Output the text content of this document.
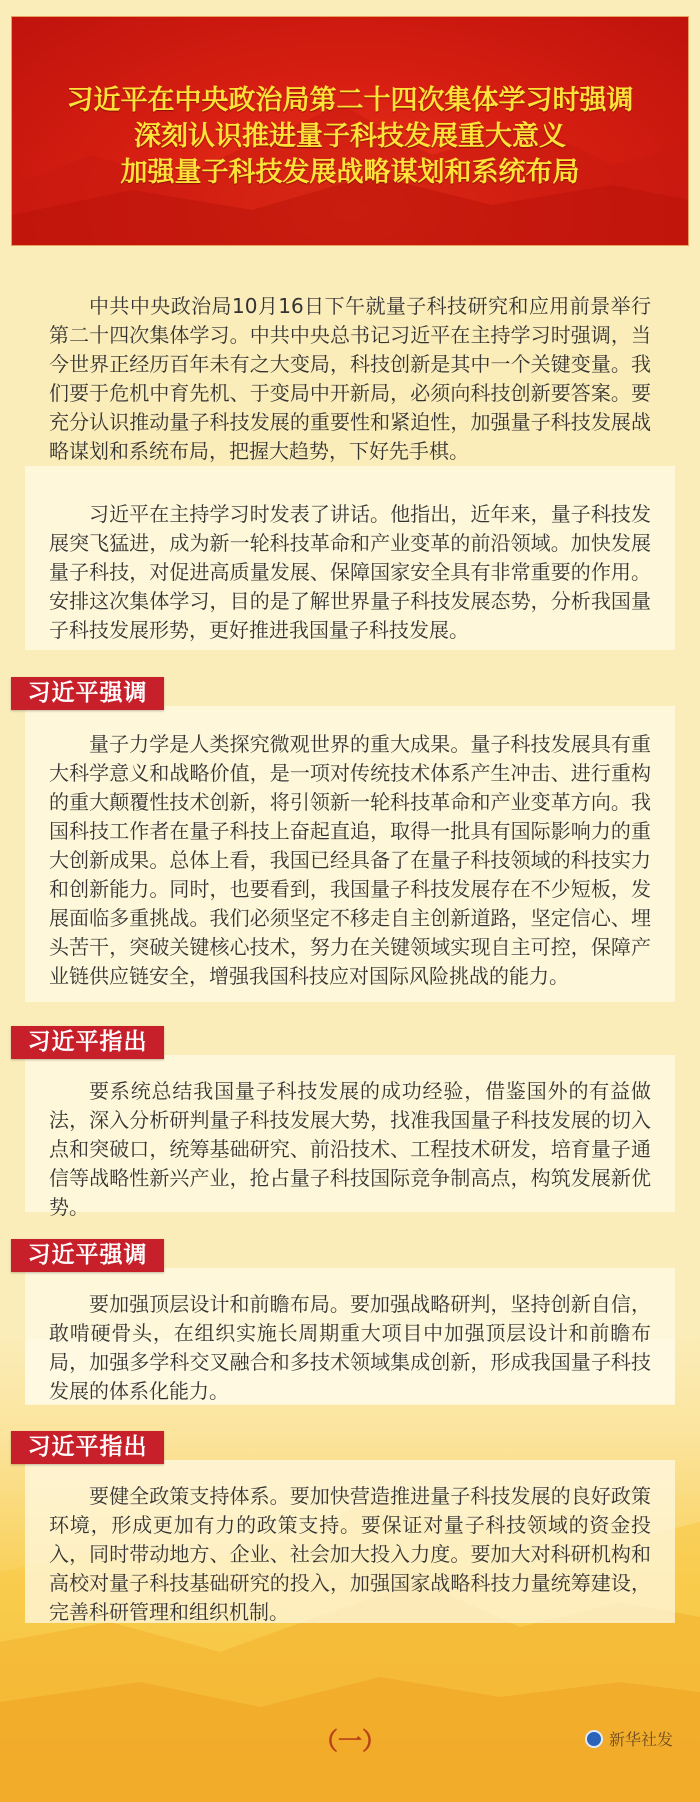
习近平在中央政治局第二十四次集体学习时强调
深刻认识推进量子科技发展重大意义
加强量子科技发展战略谋划和系统布局

中共中央政治局10月16日下午就量子科技研究和应用前景举行第二十四次集体学习。中共中央总书记习近平在主持学习时强调，当今世界正经历百年未有之大变局，科技创新是其中一个关键变量。我们要于危机中育先机、于变局中开新局，必须向科技创新要答案。要充分认识推动量子科技发展的重要性和紧迫性，加强量子科技发展战略谋划和系统布局，把握大趋势，下好先手棋。

习近平在主持学习时发表了讲话。他指出，近年来，量子科技发展突飞猛进，成为新一轮科技革命和产业变革的前沿领域。加快发展量子科技，对促进高质量发展、保障国家安全具有非常重要的作用。安排这次集体学习，目的是了解世界量子科技发展态势，分析我国量子科技发展形势，更好推进我国量子科技发展。

量子力学是人类探究微观世界的重大成果。量子科技发展具有重大科学意义和战略价值，是一项对传统技术体系产生冲击、进行重构的重大颠覆性技术创新，将引领新一轮科技革命和产业变革方向。我国科技工作者在量子科技上奋起直追，取得一批具有国际影响力的重大创新成果。总体上看，我国已经具备了在量子科技领域的科技实力和创新能力。同时，也要看到，我国量子科技发展存在不少短板，发展面临多重挑战。我们必须坚定不移走自主创新道路，坚定信心、埋头苦干，突破关键核心技术，努力在关键领域实现自主可控，保障产业链供应链安全，增强我国科技应对国际风险挑战的能力。

习近平强调

要系统总结我国量子科技发展的成功经验，借鉴国外的有益做法，深入分析研判量子科技发展大势，找准我国量子科技发展的切入点和突破口，统筹基础研究、前沿技术、工程技术研发，培育量子通信等战略性新兴产业，抢占量子科技国际竞争制高点，构筑发展新优势。

习近平指出

要加强顶层设计和前瞻布局。要加强战略研判，坚持创新自信，敢啃硬骨头，在组织实施长周期重大项目中加强顶层设计和前瞻布局，加强多学科交叉融合和多技术领域集成创新，形成我国量子科技发展的体系化能力。

习近平强调

要健全政策支持体系。要加快营造推进量子科技发展的良好政策环境，形成更加有力的政策支持。要保证对量子科技领域的资金投入，同时带动地方、企业、社会加大投入力度。要加大对科研机构和高校对量子科技基础研究的投入，加强国家战略科技力量统筹建设，完善科研管理和组织机制。

习近平指出
（一）	新华社发
